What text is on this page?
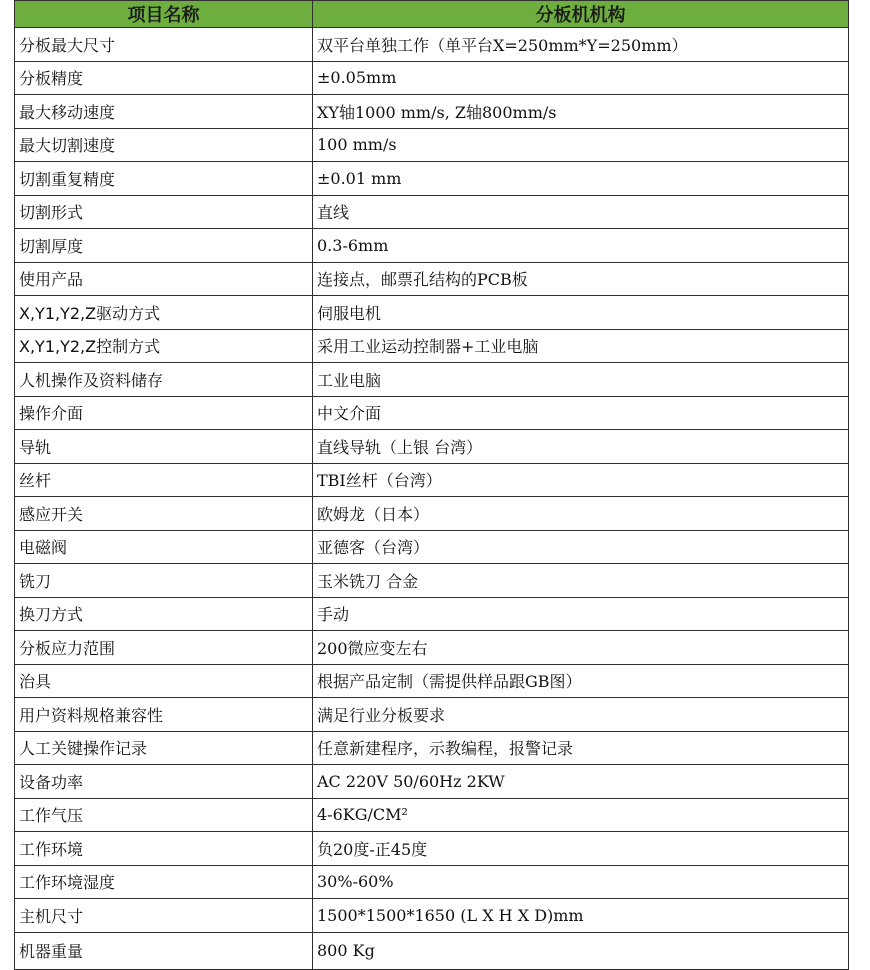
项目名称	分板机机构
分板最大尺寸	双平台单独工作（单平台X=250mm*Y=250mm）
分板精度	±0.05mm
最大移动速度	XY轴1000 mm/s, Z轴800mm/s
最大切割速度	100 mm/s
切割重复精度	±0.01 mm
切割形式	直线
切割厚度	0.3-6mm
使用产品	连接点，邮票孔结构的PCB板
X,Y1,Y2,Z驱动方式	伺服电机
X,Y1,Y2,Z控制方式	采用工业运动控制器+工业电脑
人机操作及资料储存	工业电脑
操作介面	中文介面
导轨	直线导轨（上银 台湾）
丝杆	TBI丝杆（台湾）
感应开关	欧姆龙（日本）
电磁阀	亚德客（台湾）
铣刀	玉米铣刀 合金
换刀方式	手动
分板应力范围	200微应变左右
治具	根据产品定制（需提供样品跟GB图）
用户资料规格兼容性	满足行业分板要求
人工关键操作记录	任意新建程序，示教编程，报警记录
设备功率	AC 220V 50/60Hz 2KW
工作气压	4-6KG/CM²
工作环境	负20度-正45度
工作环境湿度	30%-60%
主机尺寸	1500*1500*1650 (L X H X D)mm
机器重量	800 Kg
